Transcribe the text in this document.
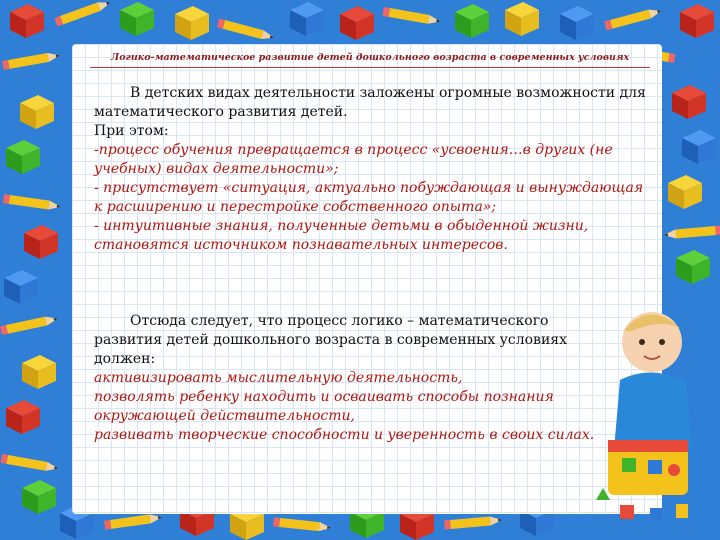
Логико-математическое развитие детей дошкольного возраста в современных условиях
В детских видах деятельности заложены огромные возможности для математического развития детей.
При этом:
-процесс обучения превращается в процесс «усвоения…в других (не учебных) видах деятельности»;
- присутствует «ситуация, актуально побуждающая и вынуждающая к расширению и перестройке собственного опыта»;
- интуитивные знания, полученные детьми в обыденной жизни, становятся источником познавательных интересов.
Отсюда следует, что процесс логико – математического развития детей дошкольного возраста в современных условиях должен:
активизировать мыслительную деятельность,
позволять ребенку находить и осваивать способы познания окружающей действительности,
развивать творческие способности и уверенность в своих силах.
